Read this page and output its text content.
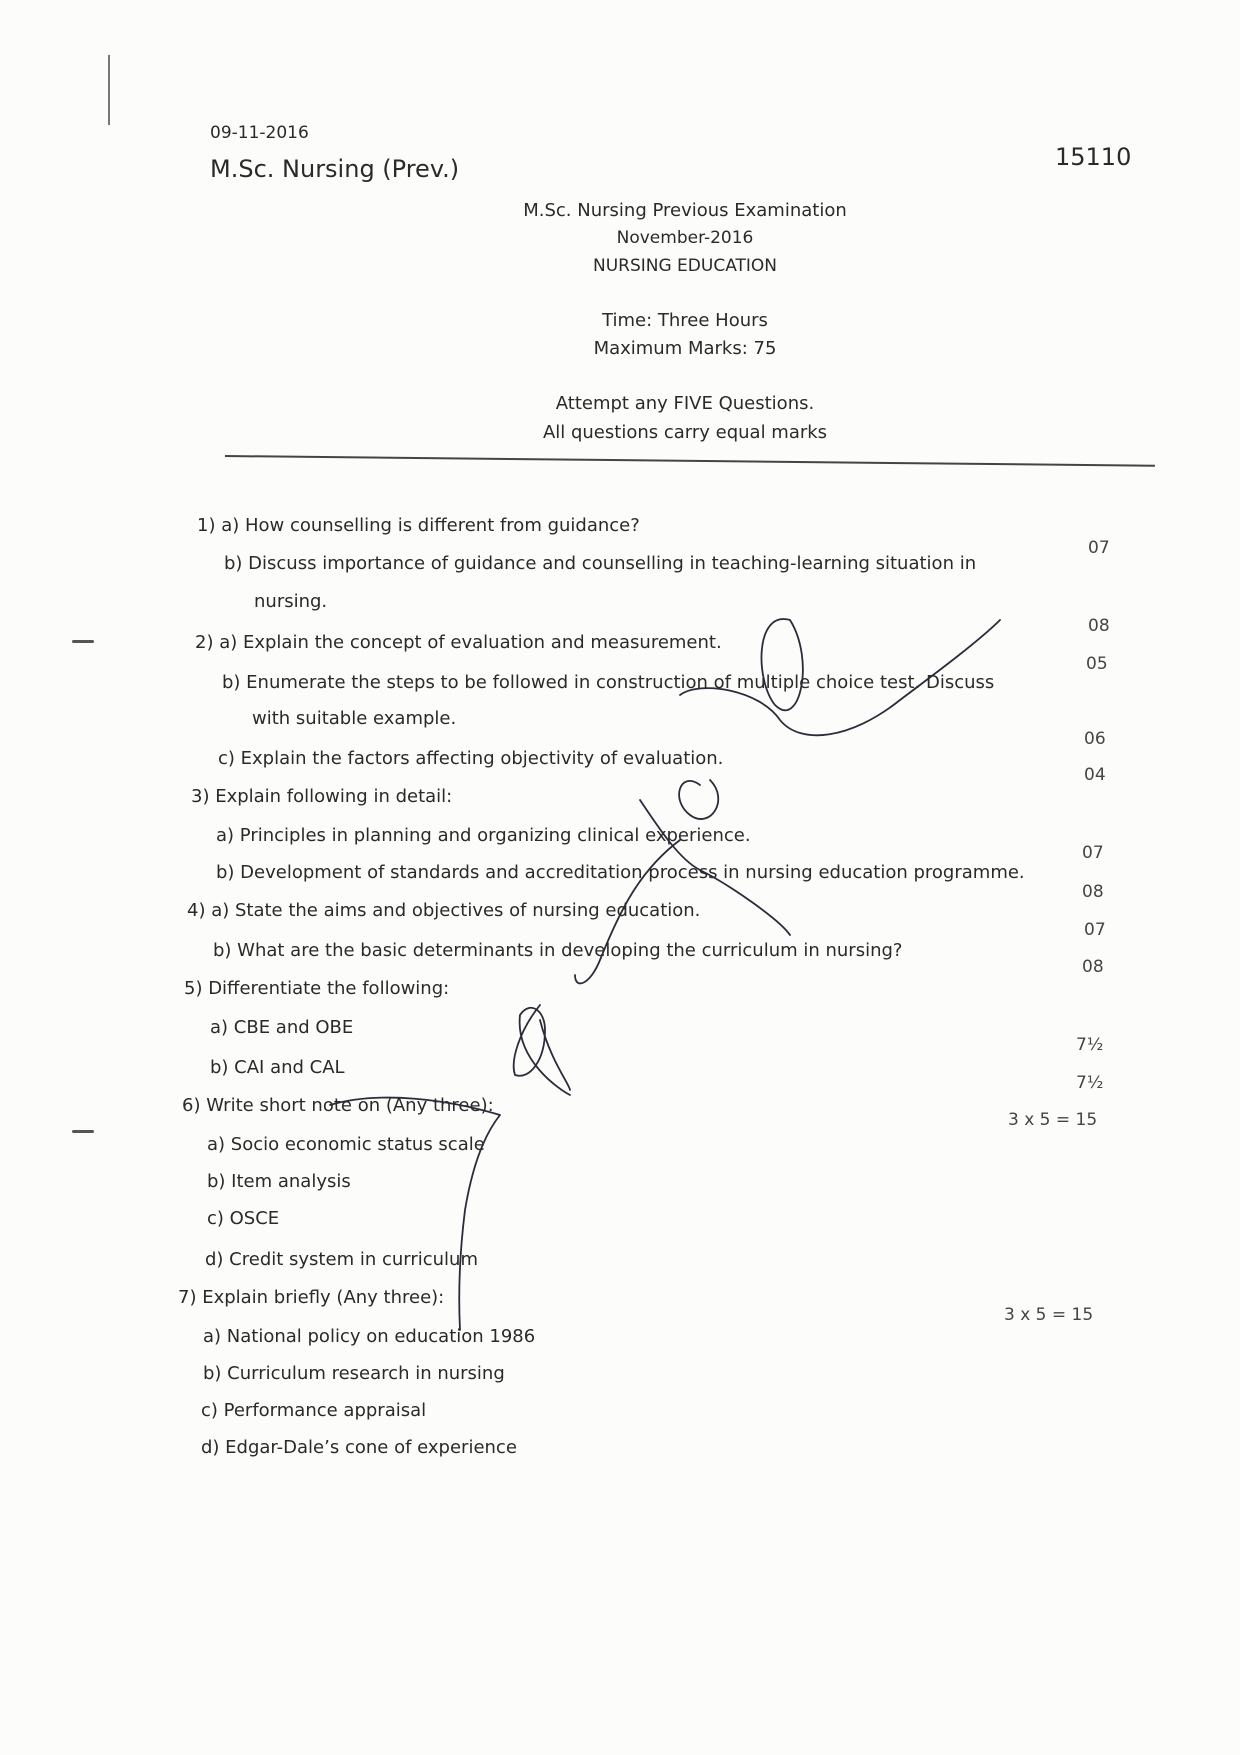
09-11-2016
M.Sc. Nursing (Prev.)	15110
M.Sc. Nursing Previous Examination
November-2016
NURSING EDUCATION
Time: Three Hours
Maximum Marks: 75
Attempt any FIVE Questions.
All questions carry equal marks
1) a) How counselling is different from guidance?
b) Discuss importance of guidance and counselling in teaching-learning situation in
nursing.
2) a) Explain the concept of evaluation and measurement.
b) Enumerate the steps to be followed in construction of multiple choice test. Discuss
with suitable example.
c) Explain the factors affecting objectivity of evaluation.
3) Explain following in detail:
a) Principles in planning and organizing clinical experience.
b) Development of standards and accreditation process in nursing education programme.
4) a) State the aims and objectives of nursing education.
b) What are the basic determinants in developing the curriculum in nursing?
5) Differentiate the following:
a) CBE and OBE
b) CAI and CAL
6) Write short note on (Any three):
a) Socio economic status scale
b) Item analysis
c) OSCE
d) Credit system in curriculum
7) Explain briefly (Any three):
a) National policy on education 1986
b) Curriculum research in nursing
c) Performance appraisal
d) Edgar-Dale’s cone of experience
07
08
05
06
04
07
08
07
08
7½
7½
3 x 5 = 15
3 x 5 = 15
